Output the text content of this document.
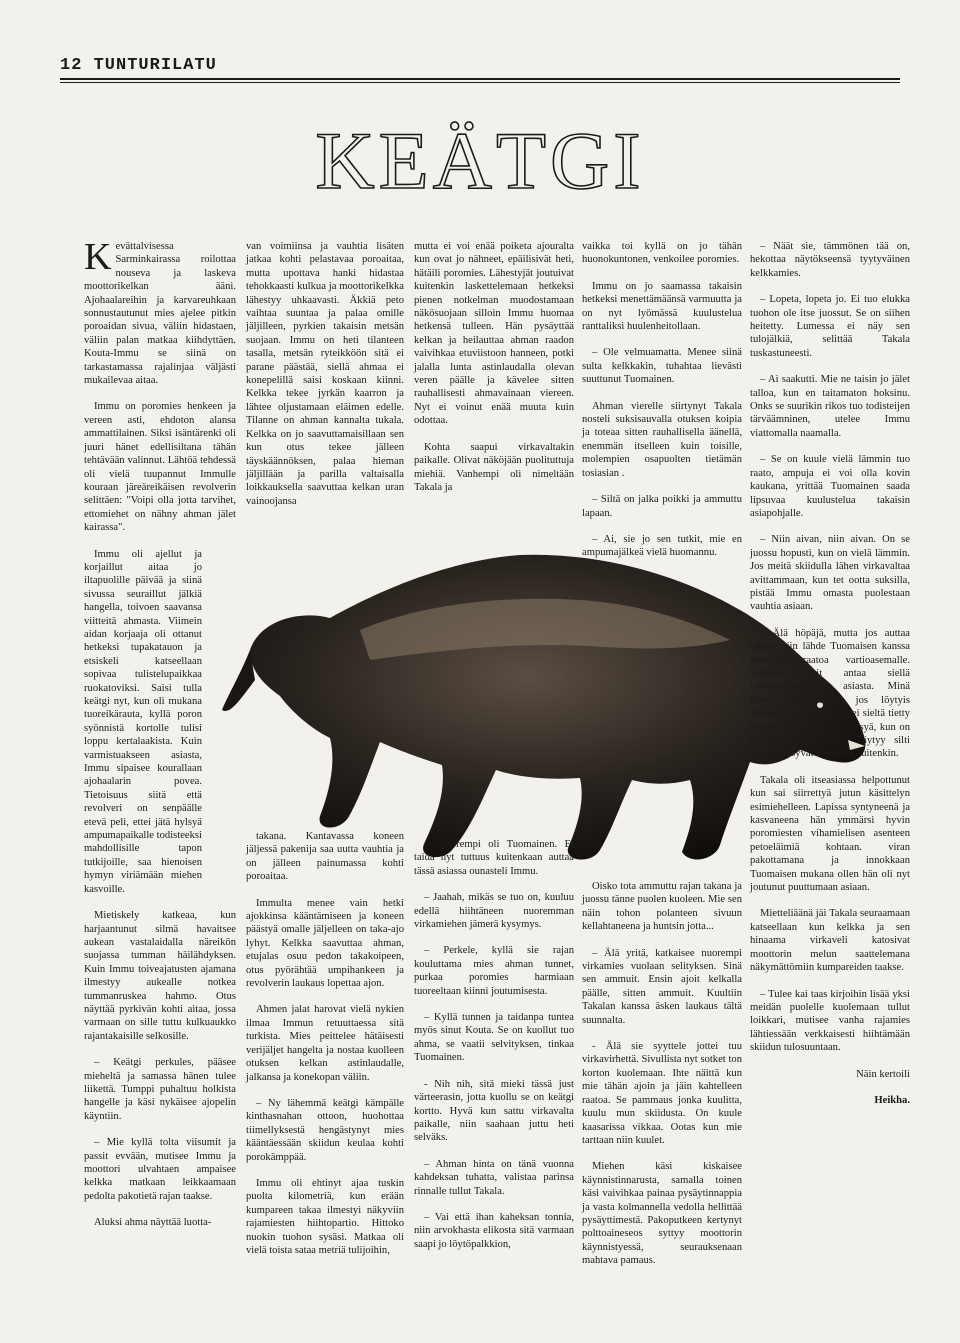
12 TUNTURILATU
KEÄTGI

Kevättalvisessa Sarminkairassa roilottaa nouseva ja laskeva moottorikelkan ääni. Ajohaalareihin ja karvareuhkaan sonnustautunut mies ajelee pitkin poroaidan sivua, väliin hidastaen, väliin palan matkaa kiihdyttäen. Kouta-Immu se siinä on tarkastamassa rajalinjaa väljästi mukailevaa aitaa.

Immu on poromies henkeen ja vereen asti, ehdoton alansa ammattilainen. Siksi isäntärenki oli juuri hänet edellisiltana tähän tehtävään valinnut. Lähtöä tehdessä oli vielä tuupannut Immulle kouraan järeäreikäisen revolverin selittäen: "Voipi olla jotta tarvihet, ettomiehet on nähny ahman jälet kairassa".

Immu oli ajellut ja korjaillut aitaa jo iltapuolille päivää ja siinä sivussa seuraillut jälkiä hangella, toivoen saavansa viitteitä ahmasta. Viimein aidan korjaaja oli ottanut hetkeksi tupakatauon ja etsiskeli katseellaan sopivaa tulistelupaikkaa ruokatoviksi. Saisi tulla keätgi nyt, kun oli mukana tuoreikärauta, kyllä poron syönnistä kortolle tulisi loppu kertalaakista. Kuin varmistuakseen asiasta, Immu sipaisee kourallaan ajohaalarin povea. Tietoisuus siitä että revolveri on senpäälle etevä peli, ettei jätä hylsyä ampumapaikalle todisteeksi mahdollisille tapon tutkijoille, saa hienoisen hymyn viriämään miehen kasvoille.

Mietiskely katkeaa, kun harjaantunut silmä havaitsee aukean vastalaidalla näreikön suojassa tumman häilähdyksen. Kuin Immu toiveajatusten ajamana ilmestyy aukealle notkea tummanruskea hahmo. Otus näyttää pyrkivän kohti aitaa, jossa varmaan on sille tuttu kulkuaukko rajantakaisille selkosille.

– Keätgi perkules, pääsee mieheltä ja samassa hänen tulee liikettä. Tumppi puhaltuu holkista hangelle ja käsi nykäisee ajopelin käyntiin.

– Mie kyllä tolta viisumit ja passit evvään, mutisee Immu ja moottori ulvahtaen ampaisee kelkka matkaan leikkaamaan pedolta pakotietä rajan taakse.

Aluksi ahma näyttää luotta-

van voimiinsa ja vauhtia lisäten jatkaa kohti pelastavaa poroaitaa, mutta upottava hanki hidastaa tehokkaasti kulkua ja moottorikelkka lähestyy uhkaavasti. Äkkiä peto vaihtaa suuntaa ja palaa omille jäljilleen, pyrkien takaisin metsän suojaan. Immu on heti tilanteen tasalla, metsän ryteikköön sitä ei parane päästää, siellä ahmaa ei konepelillä saisi koskaan kiinni. Kelkka tekee jyrkän kaarron ja lähtee oljustamaan eläimen edelle. Tilanne on ahman kannalta tukala. Kelkka on jo saavuttamaisillaan sen kun otus tekee jälleen täyskäännöksen, palaa hieman jäljillään ja parilla valtaisalla loikkauksella saavuttaa kelkan uran vainoojansa

takana. Kantavassa koneen jäljessä pakenija saa uutta vauhtia ja on jälleen painumassa kohti poroaitaa.

Immulta menee vain hetki ajokkinsa kääntämiseen ja koneen päästyä omalle jäljelleen on taka-ajo lyhyt. Kelkka saavuttaa ahman, etujalas osuu pedon takakoipeen, otus pyörähtää umpihankeen ja revolverin laukaus lopettaa ajon.

Ahmen jalat harovat vielä nykien ilmaa Immun retuuttaessa sitä turkista. Mies peittelee hätäisesti verijäljet hangelta ja nostaa kuolleen otuksen kelkan astinlaudalle, jalkansa ja konekopan väliin.

– Ny lähemmä keätgi kämpälle kinthasnahan ottoon, huohottaa tiimellyksestä hengästynyt mies kääntäessään skiidun keulaa kohti porokämppää.

Immu oli ehtinyt ajaa tuskin puolta kilometriä, kun erään kumpareen takaa ilmestyi näkyviin rajamiesten hiihtopartio. Hittoko nuokin tuohon sysäsi. Matkaa oli vielä toista sataa metriä tulijoihin,

mutta ei voi enää poiketa ajouralta kun ovat jo nähneet, epäilisivät heti, hätäili poromies. Lähestyjät joutuivat kuitenkin laskettelemaan hetkeksi pienen notkelman muodostamaan näkösuojaan silloin Immu huomaa hetkensä tulleen. Hän pysäyttää kelkan ja heilauttaa ahman raadon vaivihkaa etuviistoon hanneen, potki jalalla lunta astinlaudalla olevan veren päälle ja kävelee sitten rauhallisesti ahmavainaan viereen. Nyt ei voinut enää muuta kuin odottaa.

Kohta saapui virkavaltakin paikalle. Olivat näköjään puolituttuja miehiä. Vanhempi oli nimeltään Takala ja

se nuorempi oli Tuomainen. Ei taida nyt tuttuus kuitenkaan auttaa tässä asiassa ounasteli Immu.

– Jaahah, mikäs se tuo on, kuuluu edellä hiihtäneen nuoremman virkamiehen jämerä kysymys.

– Perkele, kyllä sie rajan kouluttama mies ahman tunnet, purkaa poromies harmiaan tuoreeltaan kiinni joutumisesta.

– Kyllä tunnen ja taidanpa tuntea myös sinut Kouta. Se on kuollut tuo ahma, se vaatii selvityksen, tinkaa Tuomainen.

- Nih nih, sitä mieki tässä just värteerasin, jotta kuollu se on keätgi kortto. Hyvä kun sattu virkavalta paikalle, niin saahaan juttu heti selväks.

– Ahman hinta on tänä vuonna kahdeksan tuhatta, valistaa parinsa rinnalle tullut Takala.

– Vai että ihan kaheksan tonnia, niin arvokhasta elikosta sitä varmaan saapi jo löytöpalkkion,

vaikka toi kyllä on jo tähän huonokuntonen, venkoilee poromies.

Immu on jo saamassa takaisin hetkeksi menettämäänsä varmuutta ja on nyt lyömässä kuulustelua ranttaliksi huulenheitollaan.

– Ole velmuamatta. Menee siinä sulta kelkkakin, tuhahtaa lievästi suuttunut Tuomainen.

Ahman vierelle siirtynyt Takala nosteli suksisauvalla otuksen koipia ja toteaa sitten rauhallisella äänellä, enemmän itselleen kuin toisille, molempien osapuolten tietämän tosiasian .

– Siltä on jalka poikki ja ammuttu lapaan.

– Ai, sie jo sen tutkit, mie en ampumajälkeä vielä huomannu.

Oisko tota ammuttu rajan takana ja juossu tänne puolen kuoleen. Mie sen näin tohon polanteen sivuun kellahtaneena ja huntsin jotta...

– Älä yritä, katkaisee nuorempi virkamies vuolaan selityksen. Sinä sen ammuit. Ensin ajoit kelkalla päälle, sitten ammuit. Kuultiin Takalan kanssa äsken laukaus tältä suunnalta.

- Älä sie syyttele jottei tuu virkavirhettä. Sivullista nyt sotket ton korton kuolemaan. Ihte näittä kun mie tähän ajoin ja jäin kahtelleen raatoa. Se pammaus jonka kuulitta, kuulu mun skiidusta. On kuule kaasarissa vikkaa. Ootas kun mie tarttaan niin kuulet.

Miehen käsi kiskaisee käynnistinnarusta, samalla toinen käsi vaivihkaa painaa pysäytinnappia ja vasta kolmannella vedolla hellittää pysäyttimestä. Pakoputkeen kertynyt polttoaineseos syttyy moottorin käynnistyessä, seurauksenaan mahtava pamaus.

– Näät sie, tämmönen tää on, hekottaa näytökseensä tyytyväinen kelkkamies.

– Lopeta, lopeta jo. Ei tuo elukka tuohon ole itse juossut. Se on siihen heitetty. Lumessa ei näy sen tulojälkiä, selittää Takala tuskastuneesti.

– Ai saakutti. Mie ne taisin jo jälet talloa, kun en taitamaton hoksinu. Onks se suurikin rikos tuo todisteijen tärväämninen, utelee Immu viattomalla naamalla.

– Se on kuule vielä lämmin tuo raato, ampuja ei voi olla kovin kaukana, yrittää Tuomainen saada lipsuvaa kuulustelua takaisin asiapohjalle.

– Niin aivan, niin aivan. On se juossu hopusti, kun on vielä lämmin. Jos meitä skiidulla lähen virkavaltaa avittammaan, kun tet ootta suksilla, pistää Immu omasta puolestaan vauhtia asiaan.

– Älä höpäjä, mutta jos auttaa tahdot niin lähde Tuomaisen kanssa viemään raatoa vartioasemalle. Samalla voit antaa siellä todistajalausunnon asiasta. Minä käyn vilkaisemassa jos löytyis ampumapaikka, vaikka ei sieltä tietty mitään löydy, ei edes hylsyä, kun on ammuttu revolverilla. Täytyy silti käydä, kysyvät asemalla kuitenkin.

Takala oli itseasiassa helpottunut kun sai siirrettyä jutun käsittelyn esimiehelleen. Lapissa syntyneenä ja kasvaneena hän ymmärsi hyvin poromiesten vihamielisen asenteen petoeläimiä kohtaan. viran pakottamana ja innokkaan Tuomaisen mukana ollen hän oli nyt joutunut puuttumaan asiaan.

Mietteliäänä jäi Takala seuraamaan katseellaan kun kelkka ja sen hinaama virkaveli katosivat moottorin melun saattelemana näkymättömiin kumpareiden taakse.

– Tulee kai taas kirjoihin lisää yksi meidän puolelle kuolemaan tullut loikkari, mutisee vanha rajamies lähtiessään verkkaisesti hiihtämään skiidun tulosuuntaan.

Näin kertoili

Heikha.
